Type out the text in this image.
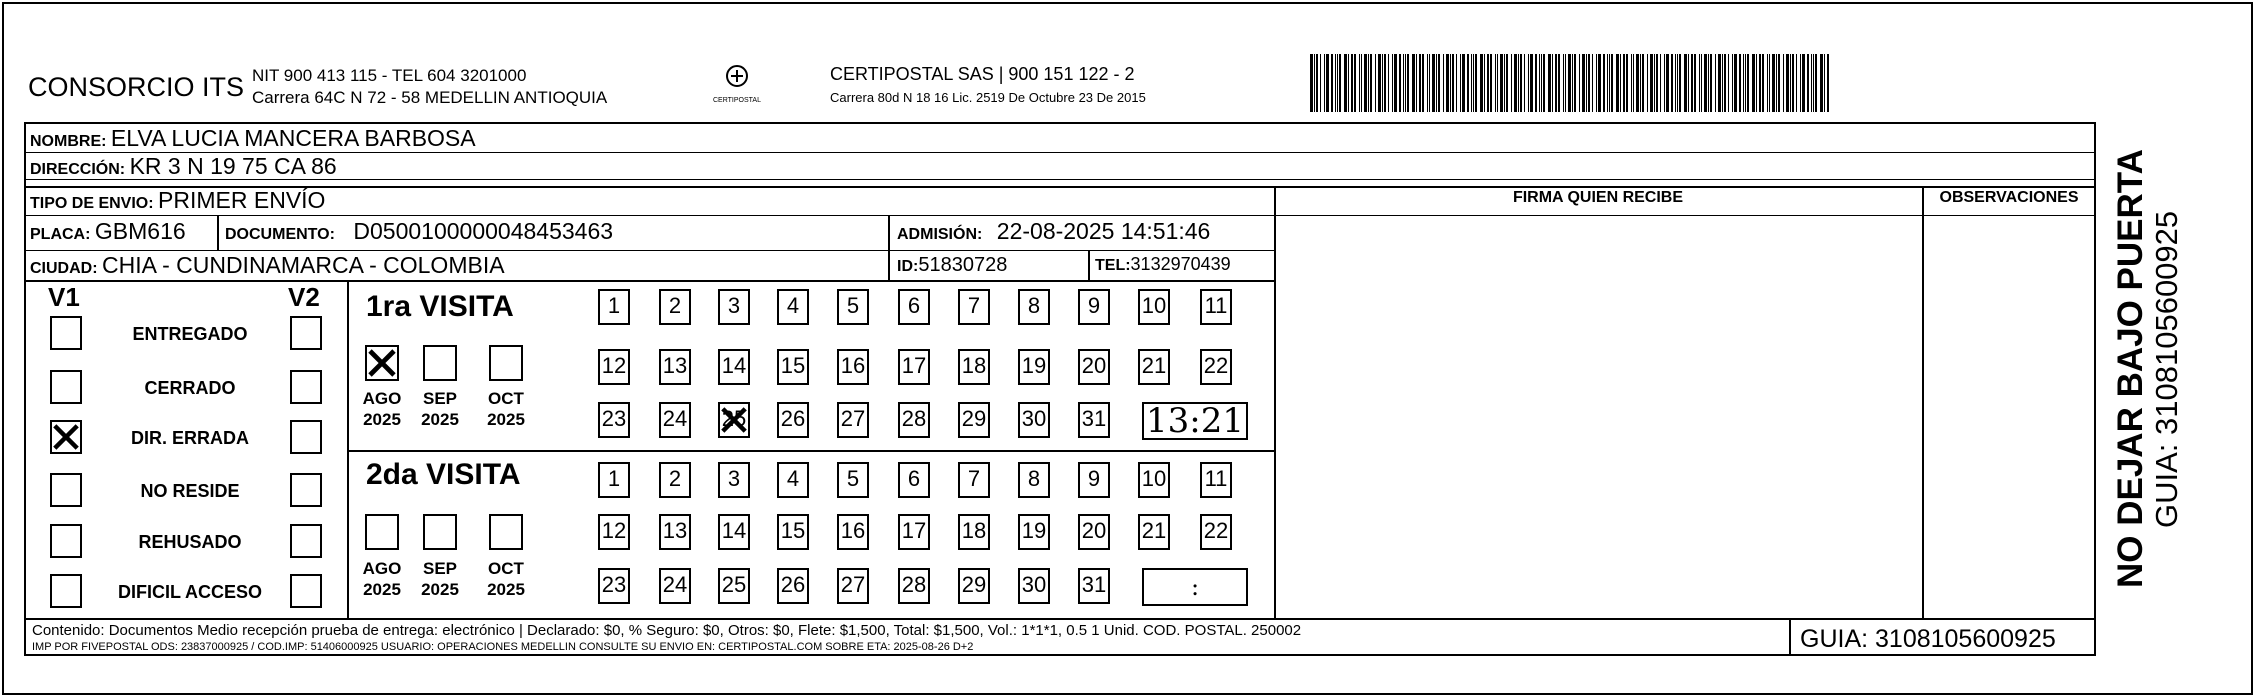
CONSORCIO ITS NIT 900 413 115 - TEL 604 3201000
Carrera 64C N 72 - 58 MEDELLIN ANTIOQUIA	CERTIPOSTAL
CERTIPOSTAL SAS | 900 151 122 - 2
Carrera 80d N 18 16 Lic. 2519 De Octubre 23 De 2015
NOMBRE: ELVA LUCIA MANCERA BARBOSA
DIRECCIÓN: KR 3 N 19 75 CA 86
TIPO DE ENVIO: PRIMER ENVÍO
PLACA: GBM616 DOCUMENTO: D0500100000048453463	ADMISIÓN: 22-08-2025 14:51:46
CIUDAD: CHIA - CUNDINAMARCA - COLOMBIA	ID:51830728	TEL:3132970439
FIRMA QUIEN RECIBE	OBSERVACIONES
V1	V2 1ra VISITA
2da VISITA
Contenido: Documentos Medio recepción prueba de entrega: electrónico | Declarado: $0, % Seguro: $0, Otros: $0, Flete: $1,500, Total: $1,500, Vol.: 1*1*1, 0.5 1 Unid. COD. POSTAL. 250002
IMP POR FIVEPOSTAL ODS: 23837000925 / COD.IMP: 51406000925 USUARIO: OPERACIONES MEDELLIN CONSULTE SU ENVIO EN: CERTIPOSTAL.COM SOBRE ETA: 2025-08-26 D+2	GUIA: 3108105600925
NO DEJAR BAJO PUERTA GUIA: 3108105600925
ENTREGADO
CERRADO
DIR. ERRADA
NO RESIDE
REHUSADO
DIFICIL ACCESO
AGO
2025
SEP
2025
OCT
2025
AGO
2025
SEP
2025
OCT
2025
1	2	3	4	5	6	7	8	9	10 11
12 13 14 15 16 17 18 19 20 21 22
23 24 25 26 27 28 29 30 31 13:21
1	2	3	4	5	6	7	8	9	10 11
12 13 14 15 16 17 18 19 20 21 22
23 24 25 26 27 28 29 30 31	:
